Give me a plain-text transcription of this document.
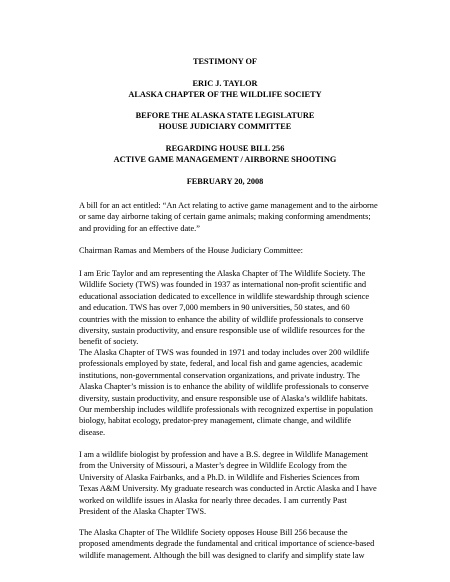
TESTIMONY OF

ERIC J. TAYLOR

ALASKA CHAPTER OF THE WILDLIFE SOCIETY

BEFORE THE ALASKA STATE LEGISLATURE

HOUSE JUDICIARY COMMITTEE

REGARDING HOUSE BILL 256

ACTIVE GAME MANAGEMENT / AIRBORNE SHOOTING

FEBRUARY 20, 2008

A bill for an act entitled: “An Act relating to active game management and to the airborne or same day airborne taking of certain game animals; making conforming amendments; and providing for an effective date.”

Chairman Ramas and Members of the House Judiciary Committee:

I am Eric Taylor and am representing the Alaska Chapter of The Wildlife Society. The Wildlife Society (TWS) was founded in 1937 as international non-profit scientific and educational association dedicated to excellence in wildlife stewardship through science and education. TWS has over 7,000 members in 90 universities, 50 states, and 60 countries with the mission to enhance the ability of wildlife professionals to conserve diversity, sustain productivity, and ensure responsible use of wildlife resources for the benefit of society.

The Alaska Chapter of TWS was founded in 1971 and today includes over 200 wildlife professionals employed by state, federal, and local fish and game agencies, academic institutions, non-governmental conservation organizations, and private industry. The Alaska Chapter’s mission is to enhance the ability of wildlife professionals to conserve diversity, sustain productivity, and ensure responsible use of Alaska’s wildlife habitats. Our membership includes wildlife professionals with recognized expertise in population biology, habitat ecology, predator-prey management, climate change, and wildlife disease.

I am a wildlife biologist by profession and have a B.S. degree in Wildlife Management from the University of Missouri, a Master’s degree in Wildlife Ecology from the University of Alaska Fairbanks, and a Ph.D. in Wildlife and Fisheries Sciences from Texas A&M University. My graduate research was conducted in Arctic Alaska and I have worked on wildlife issues in Alaska for nearly three decades. I am currently Past President of the Alaska Chapter TWS.

The Alaska Chapter of The Wildlife Society opposes House Bill 256 because the proposed amendments degrade the fundamental and critical importance of science-based wildlife management. Although the bill was designed to clarify and simplify state law
